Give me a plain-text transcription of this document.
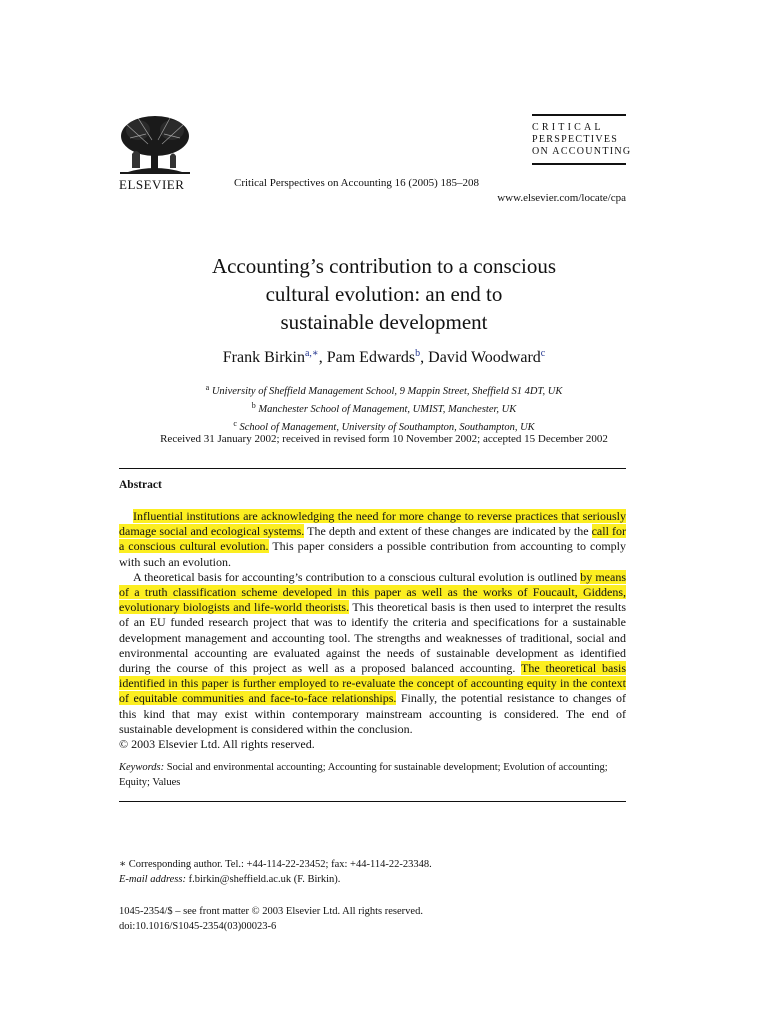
ELSEVIER	Critical Perspectives on Accounting 16 (2005) 185–208
CRITICAL
PERSPECTIVES
ON ACCOUNTING
www.elsevier.com/locate/cpa
Accounting’s contribution to a conscious
cultural evolution: an end to
sustainable development
Frank Birkin$^{a,∗}$, Pam Edwards$^b$, David Woodward$^c$
$^a$ University of Sheffield Management School, 9 Mappin Street, Sheffield S1 4DT, UK
$^b$ Manchester School of Management, UMIST, Manchester, UK
$^c$ School of Management, University of Southampton, Southampton, UK
Received 31 January 2002; received in revised form 10 November 2002; accepted 15 December 2002
Abstract

Influential institutions are acknowledging the need for more change to reverse practices that seriously damage social and ecological systems. The depth and extent of these changes are indicated by the call for a conscious cultural evolution. This paper considers a possible contribution from accounting to comply with such an evolution.

A theoretical basis for accounting’s contribution to a conscious cultural evolution is outlined by means of a truth classification scheme developed in this paper as well as the works of Foucault, Giddens, evolutionary biologists and life-world theorists. This theoretical basis is then used to interpret the results of an EU funded research project that was to identify the criteria and specifications for a sustainable development management and accounting tool. The strengths and weaknesses of traditional, social and environmental accounting are evaluated against the needs of sustainable development as identified during the course of this project as well as a proposed balanced accounting. The theoretical basis identified in this paper is further employed to re-evaluate the concept of accounting equity in the context of equitable communities and face-to-face relationships. Finally, the potential resistance to changes of this kind that may exist within contemporary mainstream accounting is considered. The end of sustainable development is considered within the conclusion.

© 2003 Elsevier Ltd. All rights reserved.

Keywords: Social and environmental accounting; Accounting for sustainable development; Evolution of accounting; Equity; Values
∗ Corresponding author. Tel.: +44-114-22-23452; fax: +44-114-22-23348.
E-mail address: f.birkin@sheffield.ac.uk (F. Birkin).
1045-2354/$ – see front matter © 2003 Elsevier Ltd. All rights reserved.
doi:10.1016/S1045-2354(03)00023-6
